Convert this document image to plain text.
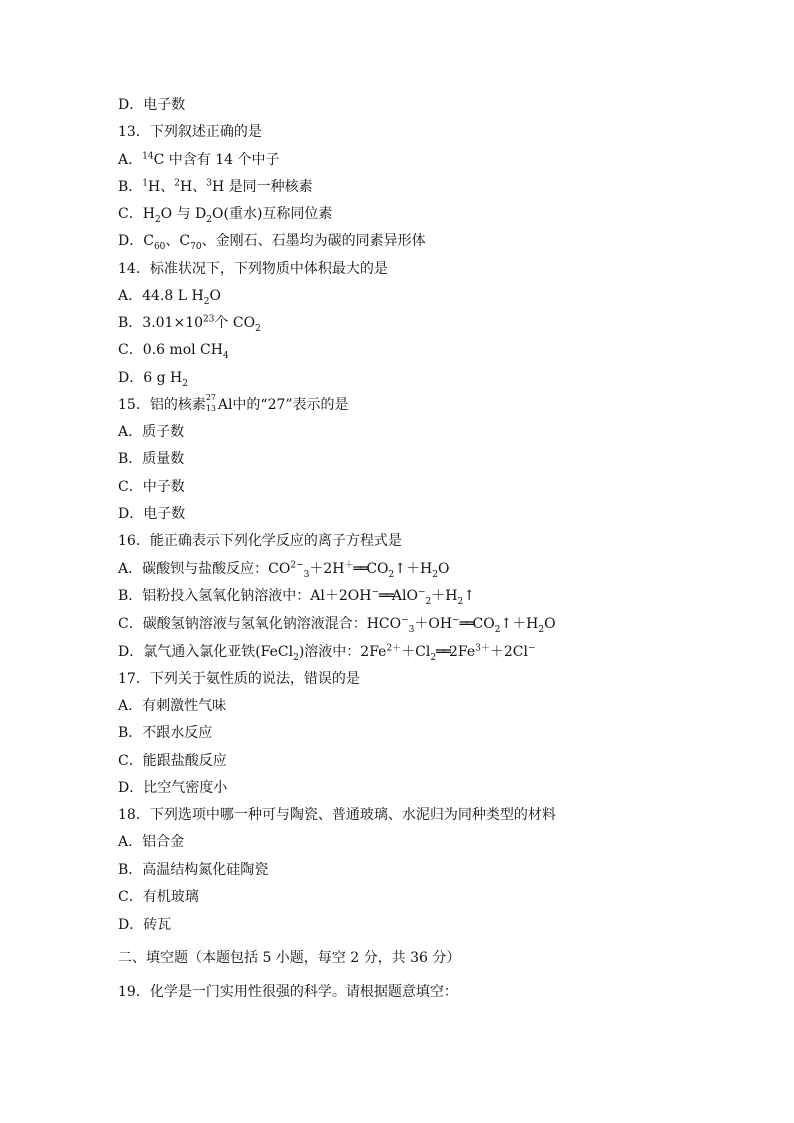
D．电子数
13．下列叙述正确的是
A．$^{14}$C 中含有 14 个中子
B．$^1$H、$^2$H、$^3$H 是同一种核素
C．$H_2O$ 与 $D_2O$(重水)互称同位素
D．$C_{60}$、$C_{70}$、金刚石、石墨均为碳的同素异形体
14．标准状况下，下列物质中体积最大的是
A．44.8 L $H_2O$
B．$3.01\times 10^{23}$个 $CO_2$
C．0.6 mol $CH_4$
D．6 g $H_2$
15．铝的核素 27
13 Al中的“27”表示的是
A．质子数
B．质量数
C．中子数
D．电子数
16．能正确表示下列化学反应的离子方程式是
A．碳酸钡与盐酸反应：$CO^{2-}_3+2H^+══CO_2↑+H_2O$
B．铝粉投入氢氧化钠溶液中：$Al+2OH^-══AlO^-_2+H_2↑$
C．碳酸氢钠溶液与氢氧化钠溶液混合：$HCO^-_3+OH^-══CO_2↑+H_2O$
D．氯气通入氯化亚铁(FeCl$_2$)溶液中：$2Fe^{2+}+Cl_2══2Fe^{3+}+2Cl^-$
17．下列关于氨性质的说法，错误的是
A．有刺激性气味
B．不跟水反应
C．能跟盐酸反应
D．比空气密度小
18．下列选项中哪一种可与陶瓷、普通玻璃、水泥归为同种类型的材料
A．铝合金
B．高温结构氮化硅陶瓷
C．有机玻璃
D．砖瓦
二、填空题（本题包括 5 小题，每空 2 分，共 36 分）
19．化学是一门实用性很强的科学。请根据题意填空：
